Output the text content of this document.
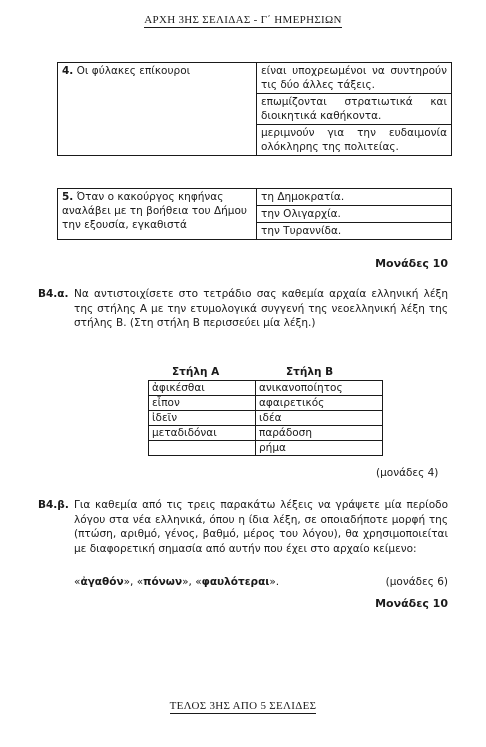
ΑΡΧΗ 3ΗΣ ΣΕΛΙΔΑΣ - Γ΄ ΗΜΕΡΗΣΙΩΝ
4. Οι φύλακες επίκουροι	είναι υποχρεωμένοι να συντηρούν τις δύο άλλες τάξεις.
επωμίζονται στρατιωτικά και διοικητικά καθήκοντα.
μεριμνούν για την ευδαιμονία ολόκληρης της πολιτείας.
5. Όταν ο κακούργος κηφήνας αναλάβει με τη βοήθεια του Δήμου την εξουσία, εγκαθιστά	τη Δημοκρατία.
την Ολιγαρχία.
την Τυραννίδα.
Μονάδες 10
Β4.α. Να αντιστοιχίσετε στο τετράδιο σας καθεμία αρχαία ελληνική λέξη της στήλης Α με την ετυμολογικά συγγενή της νεοελληνική λέξη της στήλης Β. (Στη στήλη Β περισσεύει μία λέξη.)
Στήλη Α	Στήλη Β
ἀφικέσθαι	ανικανοποίητος
εἶπον	αφαιρετικός
ἰδεῖν	ιδέα
μεταδιδόναι	παράδοση
	ρήμα
(μονάδες 4)
Β4.β. Για καθεμία από τις τρεις παρακάτω λέξεις να γράψετε μία περίοδο λόγου στα νέα ελληνικά, όπου η ίδια λέξη, σε οποιαδήποτε μορφή της (πτώση, αριθμό, γένος, βαθμό, μέρος του λόγου), θα χρησιμοποιείται με διαφορετική σημασία από αυτήν που έχει στο αρχαίο κείμενο:
«ἀγαθόν», «πόνων», «φαυλότεραι».	(μονάδες 6)
Μονάδες 10
ΤΕΛΟΣ 3ΗΣ ΑΠΟ 5 ΣΕΛΙΔΕΣ
